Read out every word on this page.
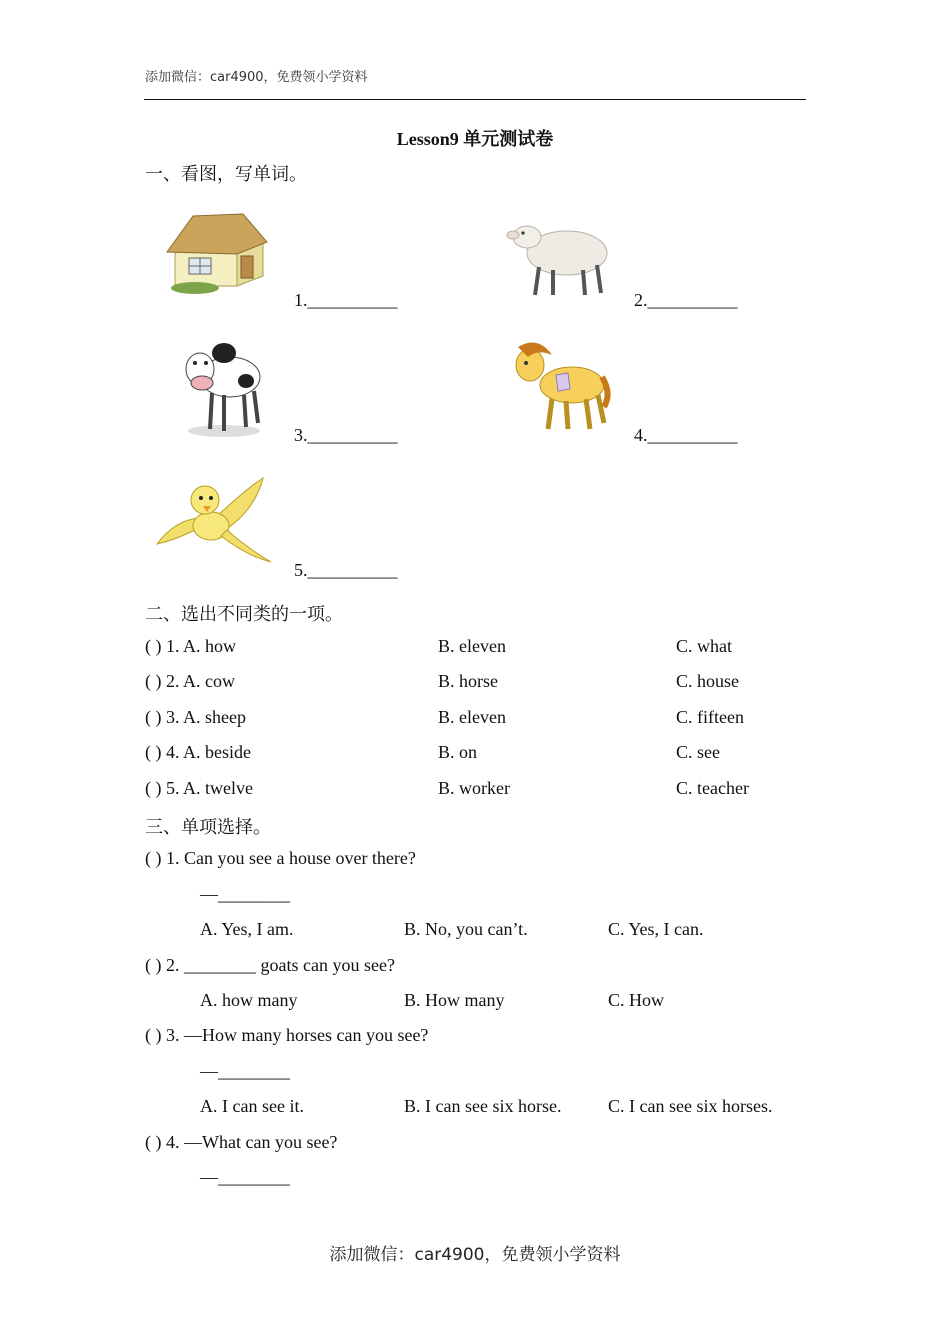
添加微信：car4900，免费领小学资料
Lesson9 单元测试卷
一、看图，写单词。
1.__________	2.__________
3.__________	4.__________
5.__________
二、选出不同类的一项。
( ) 1. A. how	B. eleven	C. what
( ) 2. A. cow	B. horse	C. house
( ) 3. A. sheep	B. eleven	C. fifteen
( ) 4. A. beside	B. on	C. see
( ) 5. A. twelve	B. worker	C. teacher
三、单项选择。
( ) 1. Can you see a house over there?
—________
A. Yes, I am.	B. No, you can’t.	C. Yes, I can.
( ) 2. ________ goats can you see?
A. how many	B. How many	C. How
( ) 3. —How many horses can you see?
—________
A. I can see it.	B. I can see six horse.	C. I can see six horses.
( ) 4. —What can you see?
—________
添加微信：car4900，免费领小学资料
